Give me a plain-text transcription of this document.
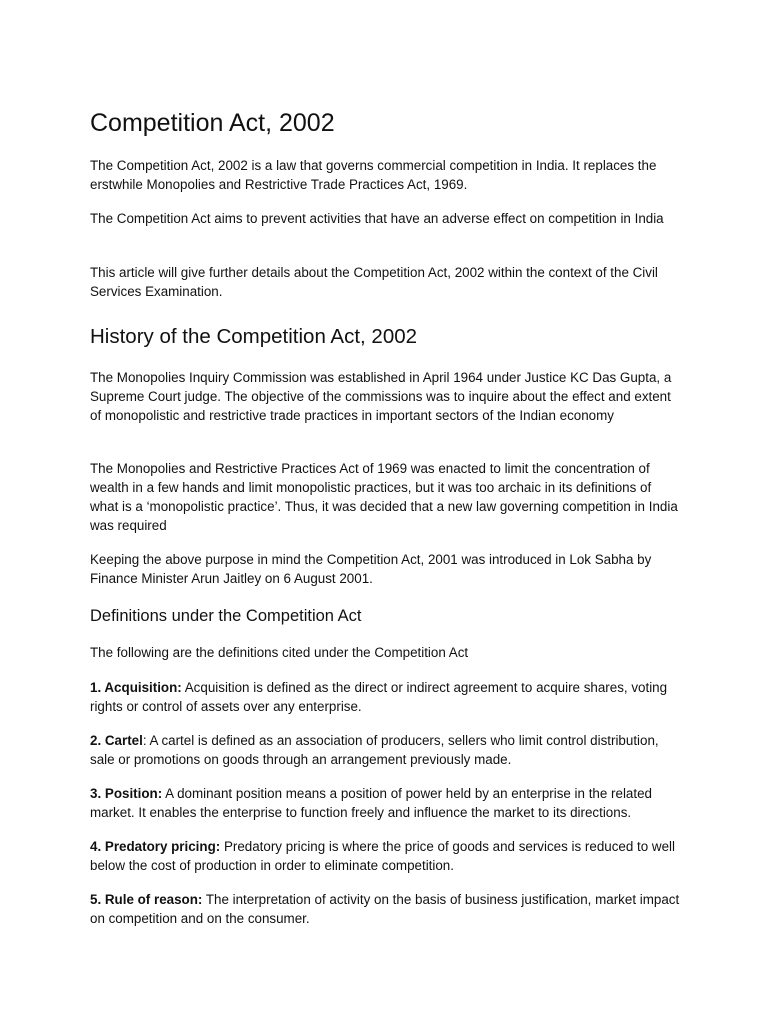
Competition Act, 2002

The Competition Act, 2002 is a law that governs commercial competition in India. It replaces the erstwhile Monopolies and Restrictive Trade Practices Act, 1969.

The Competition Act aims to prevent activities that have an adverse effect on competition in India

This article will give further details about the Competition Act, 2002 within the context of the Civil Services Examination.

History of the Competition Act, 2002

The Monopolies Inquiry Commission was established in April 1964 under Justice KC Das Gupta, a Supreme Court judge. The objective of the commissions was to inquire about the effect and extent of monopolistic and restrictive trade practices in important sectors of the Indian economy

The Monopolies and Restrictive Practices Act of 1969 was enacted to limit the concentration of wealth in a few hands and limit monopolistic practices, but it was too archaic in its definitions of what is a ‘monopolistic practice’. Thus, it was decided that a new law governing competition in India was required

Keeping the above purpose in mind the Competition Act, 2001 was introduced in Lok Sabha by Finance Minister Arun Jaitley on 6 August 2001.

Definitions under the Competition Act

The following are the definitions cited under the Competition Act

1. Acquisition: Acquisition is defined as the direct or indirect agreement to acquire shares, voting rights or control of assets over any enterprise.

2. Cartel: A cartel is defined as an association of producers, sellers who limit control distribution, sale or promotions on goods through an arrangement previously made.

3. Position: A dominant position means a position of power held by an enterprise in the related market. It enables the enterprise to function freely and influence the market to its directions.

4. Predatory pricing: Predatory pricing is where the price of goods and services is reduced to well below the cost of production in order to eliminate competition.

5. Rule of reason: The interpretation of activity on the basis of business justification, market impact on competition and on the consumer.
